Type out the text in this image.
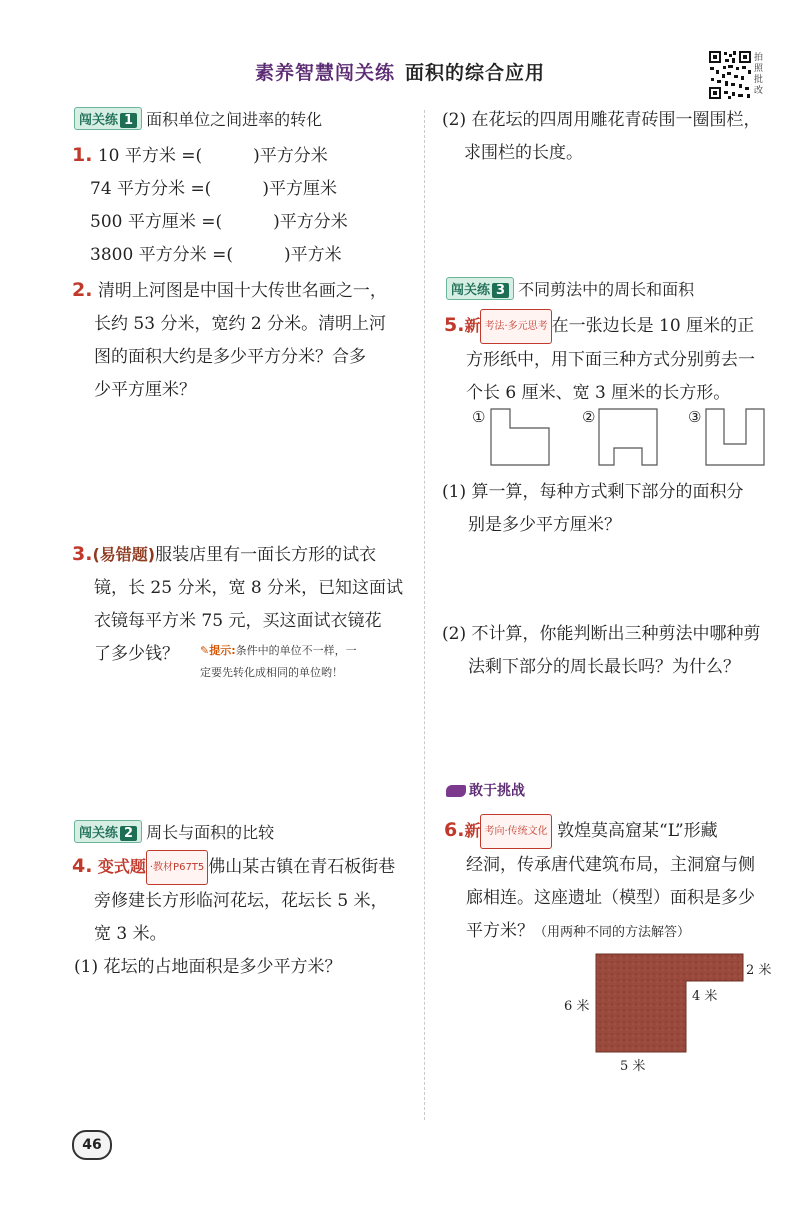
素养智慧闯关练 面积的综合应用
拍
照
批
改
闯关练 1 面积单位之间进率的转化
1. 10 平方米 =(　　　)平方分米
74 平方分米 =(　　　)平方厘米
500 平方厘米 =(　　　)平方分米
3800 平方分米 =(　　　)平方米
2. 清明上河图是中国十大传世名画之一，
长约 53 分米，宽约 2 分米。清明上河
图的面积大约是多少平方分米？合多
少平方厘米？
3.(易错题)服装店里有一面长方形的试衣
镜，长 25 分米，宽 8 分米，已知这面试
衣镜每平方米 75 元，买这面试衣镜花
了多少钱？	✎提示:条件中的单位不一样，一
定要先转化成相同的单位哟！
闯关练 2 周长与面积的比较
4. 变式题 ·教材P67T5 佛山某古镇在青石板街巷
旁修建长方形临河花坛，花坛长 5 米，
宽 3 米。
(1) 花坛的占地面积是多少平方米？
(2) 在花坛的四周用雕花青砖围一圈围栏，
求围栏的长度。
闯关练 3 不同剪法中的周长和面积
5.新 考法·多元思考 在一张边长是 10 厘米的正
方形纸中，用下面三种方式分别剪去一
个长 6 厘米、宽 3 厘米的长方形。
①	②	③
(1) 算一算，每种方式剩下部分的面积分
别是多少平方厘米？
(2) 不计算，你能判断出三种剪法中哪种剪
法剩下部分的周长最长吗？为什么？
敢于挑战
6.新 考向·传统文化 敦煌莫高窟某“L”形藏
经洞，传承唐代建筑布局，主洞窟与侧
廊相连。这座遗址（模型）面积是多少
平方米？（用两种不同的方法解答）
2 米
4 米
6 米
5 米
46
